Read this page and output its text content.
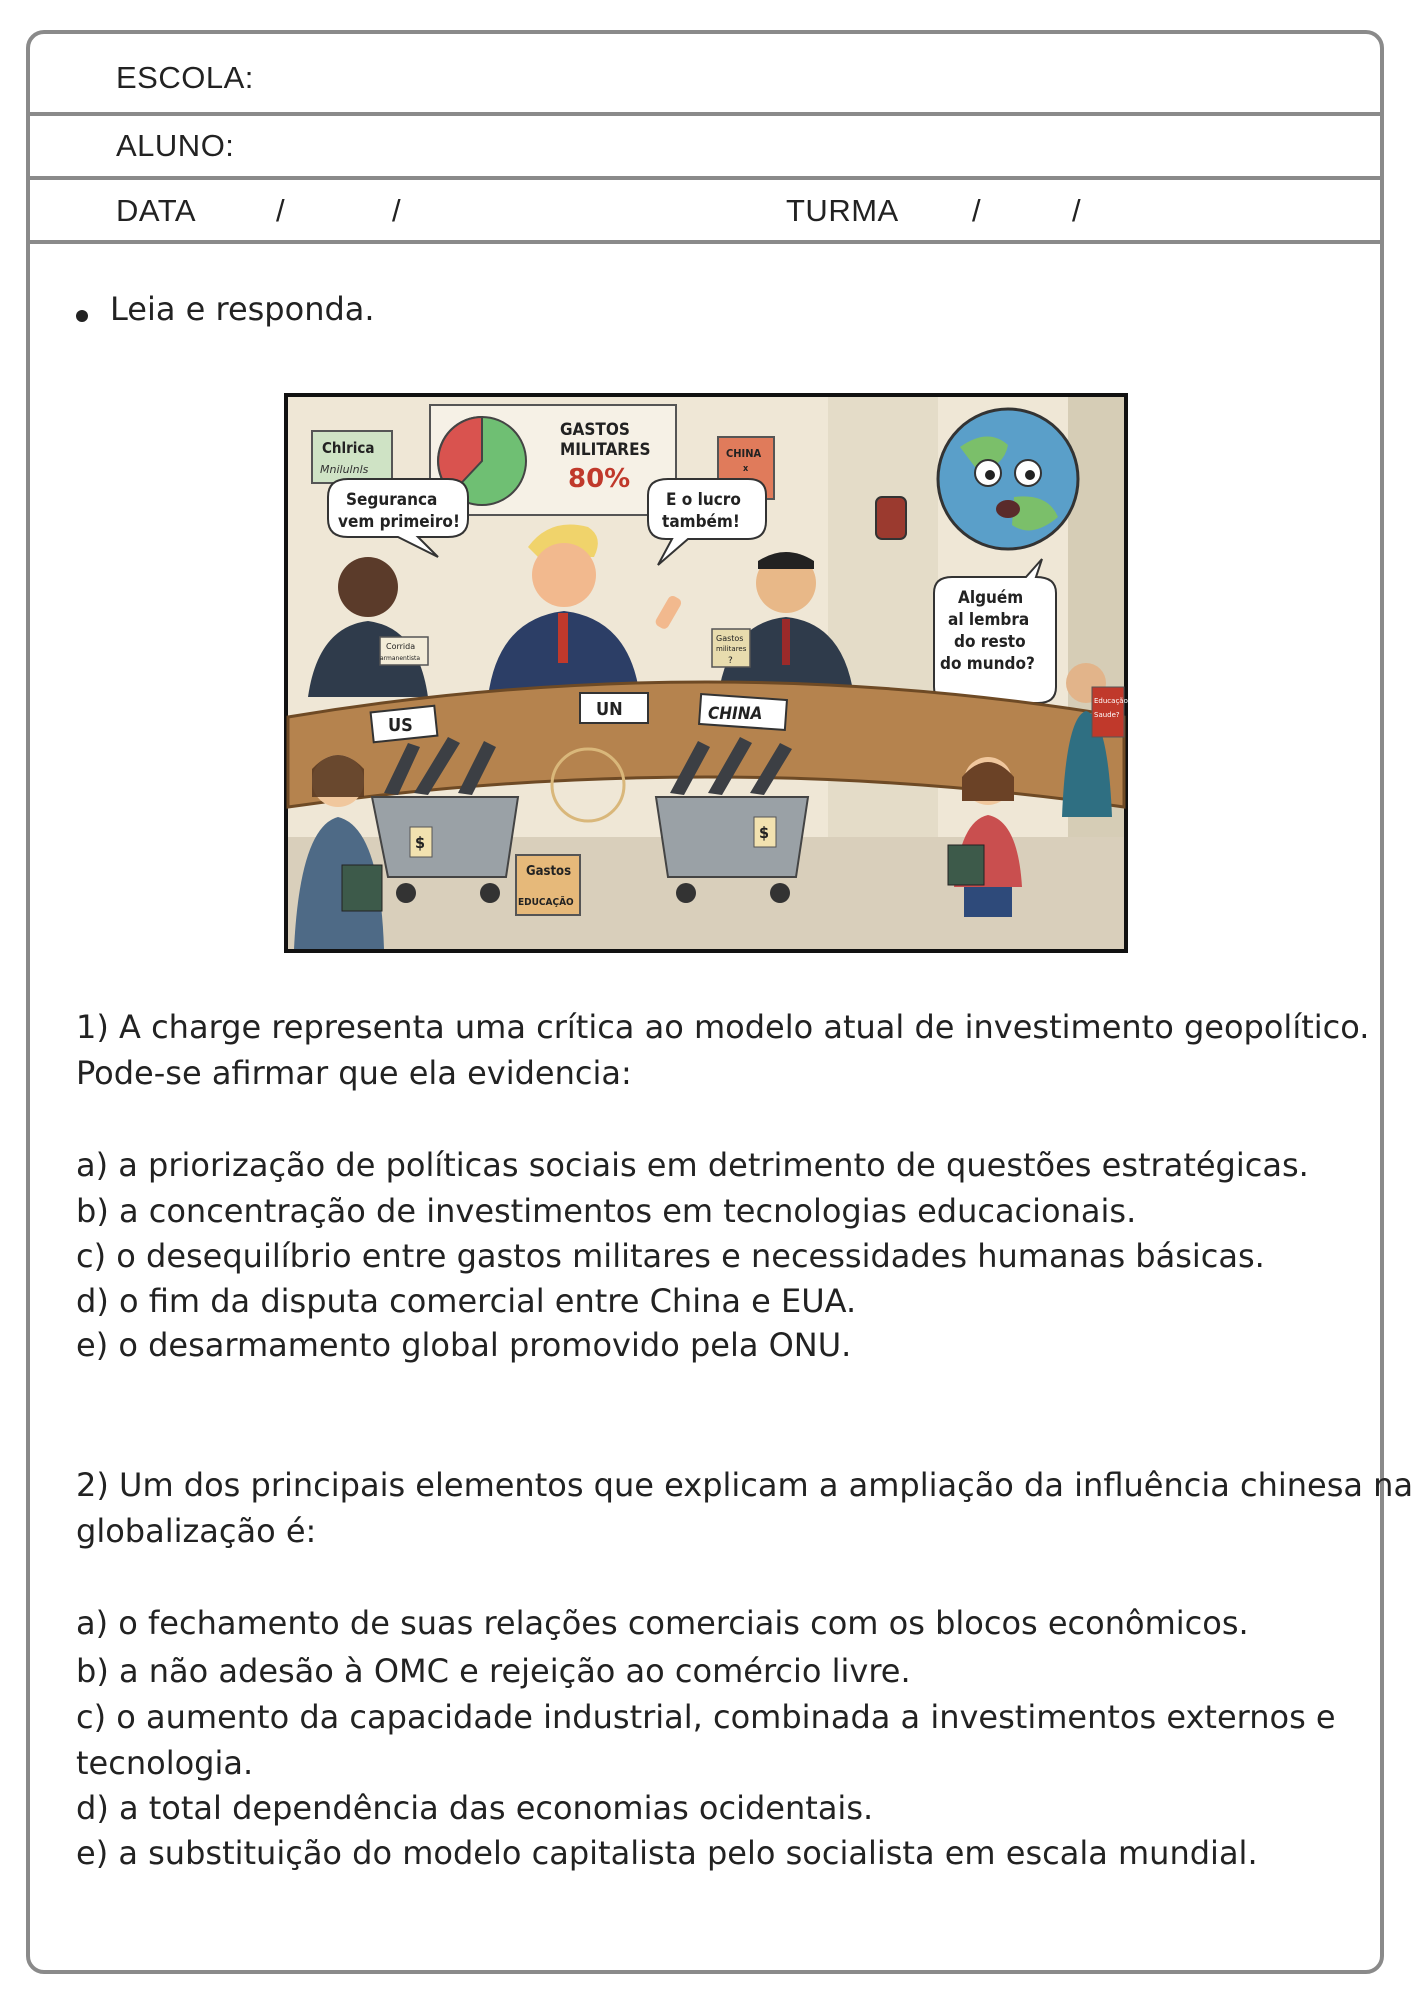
ESCOLA:
ALUNO:
DATA	/	/	TURMA /	/
Leia e responda.
GASTOS
MILITARES
80%
Chlrica
Mnilulnls
CHINA
x
Seguranca
vem primeiro!
E o lucro
também!
Alguém
al lembra
do resto
do mundo?
Corrida
armanentista
Gastos
militares
?
US
UN	CHINA
$
$
Gastos
EDUCAÇÃO
Educação
Saude?
1) A charge representa uma crítica ao modelo atual de investimento geopolítico.
Pode-se afirmar que ela evidencia:
a) a priorização de políticas sociais em detrimento de questões estratégicas.
b) a concentração de investimentos em tecnologias educacionais.
c) o desequilíbrio entre gastos militares e necessidades humanas básicas.
d) o fim da disputa comercial entre China e EUA.
e) o desarmamento global promovido pela ONU.
2) Um dos principais elementos que explicam a ampliação da influência chinesa na
globalização é:
a) o fechamento de suas relações comerciais com os blocos econômicos.
b) a não adesão à OMC e rejeição ao comércio livre.
c) o aumento da capacidade industrial, combinada a investimentos externos e
tecnologia.
d) a total dependência das economias ocidentais.
e) a substituição do modelo capitalista pelo socialista em escala mundial.
